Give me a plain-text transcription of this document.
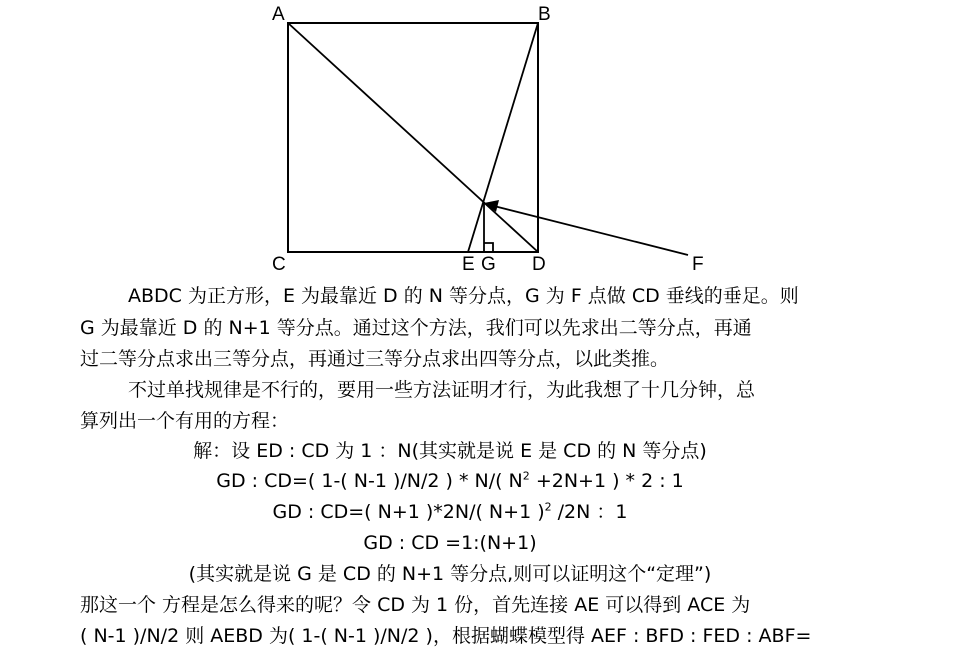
A	B
C	E G D	F
ABDC 为正方形，E 为最靠近 D 的 N 等分点，G 为 F 点做 CD 垂线的垂足。则
G 为最靠近 D 的 N+1 等分点。通过这个方法，我们可以先求出二等分点，再通
过二等分点求出三等分点，再通过三等分点求出四等分点，以此类推。
不过单找规律是不行的，要用一些方法证明才行，为此我想了十几分钟，总
算列出一个有用的方程：
解：设 ED : CD 为 1 ：N(其实就是说 E 是 CD 的 N 等分点)
GD : CD=( 1-( N-1 )/N/2 ) * N/( $N^2 +2N+1$ ) * 2 : 1
GD : CD=( N+1 )*2N/( N+1 )$^2$ /2N ：1
GD : CD =1:(N+1)
(其实就是说 G 是 CD 的 N+1 等分点,则可以证明这个“定理”)
那这一个 方程是怎么得来的呢？令 CD 为 1 份，首先连接 AE 可以得到 ACE 为
( N-1 )/N/2 则 AEBD 为( 1-( N-1 )/N/2 )，根据蝴蝶模型得 AEF : BFD : FED : ABF=
